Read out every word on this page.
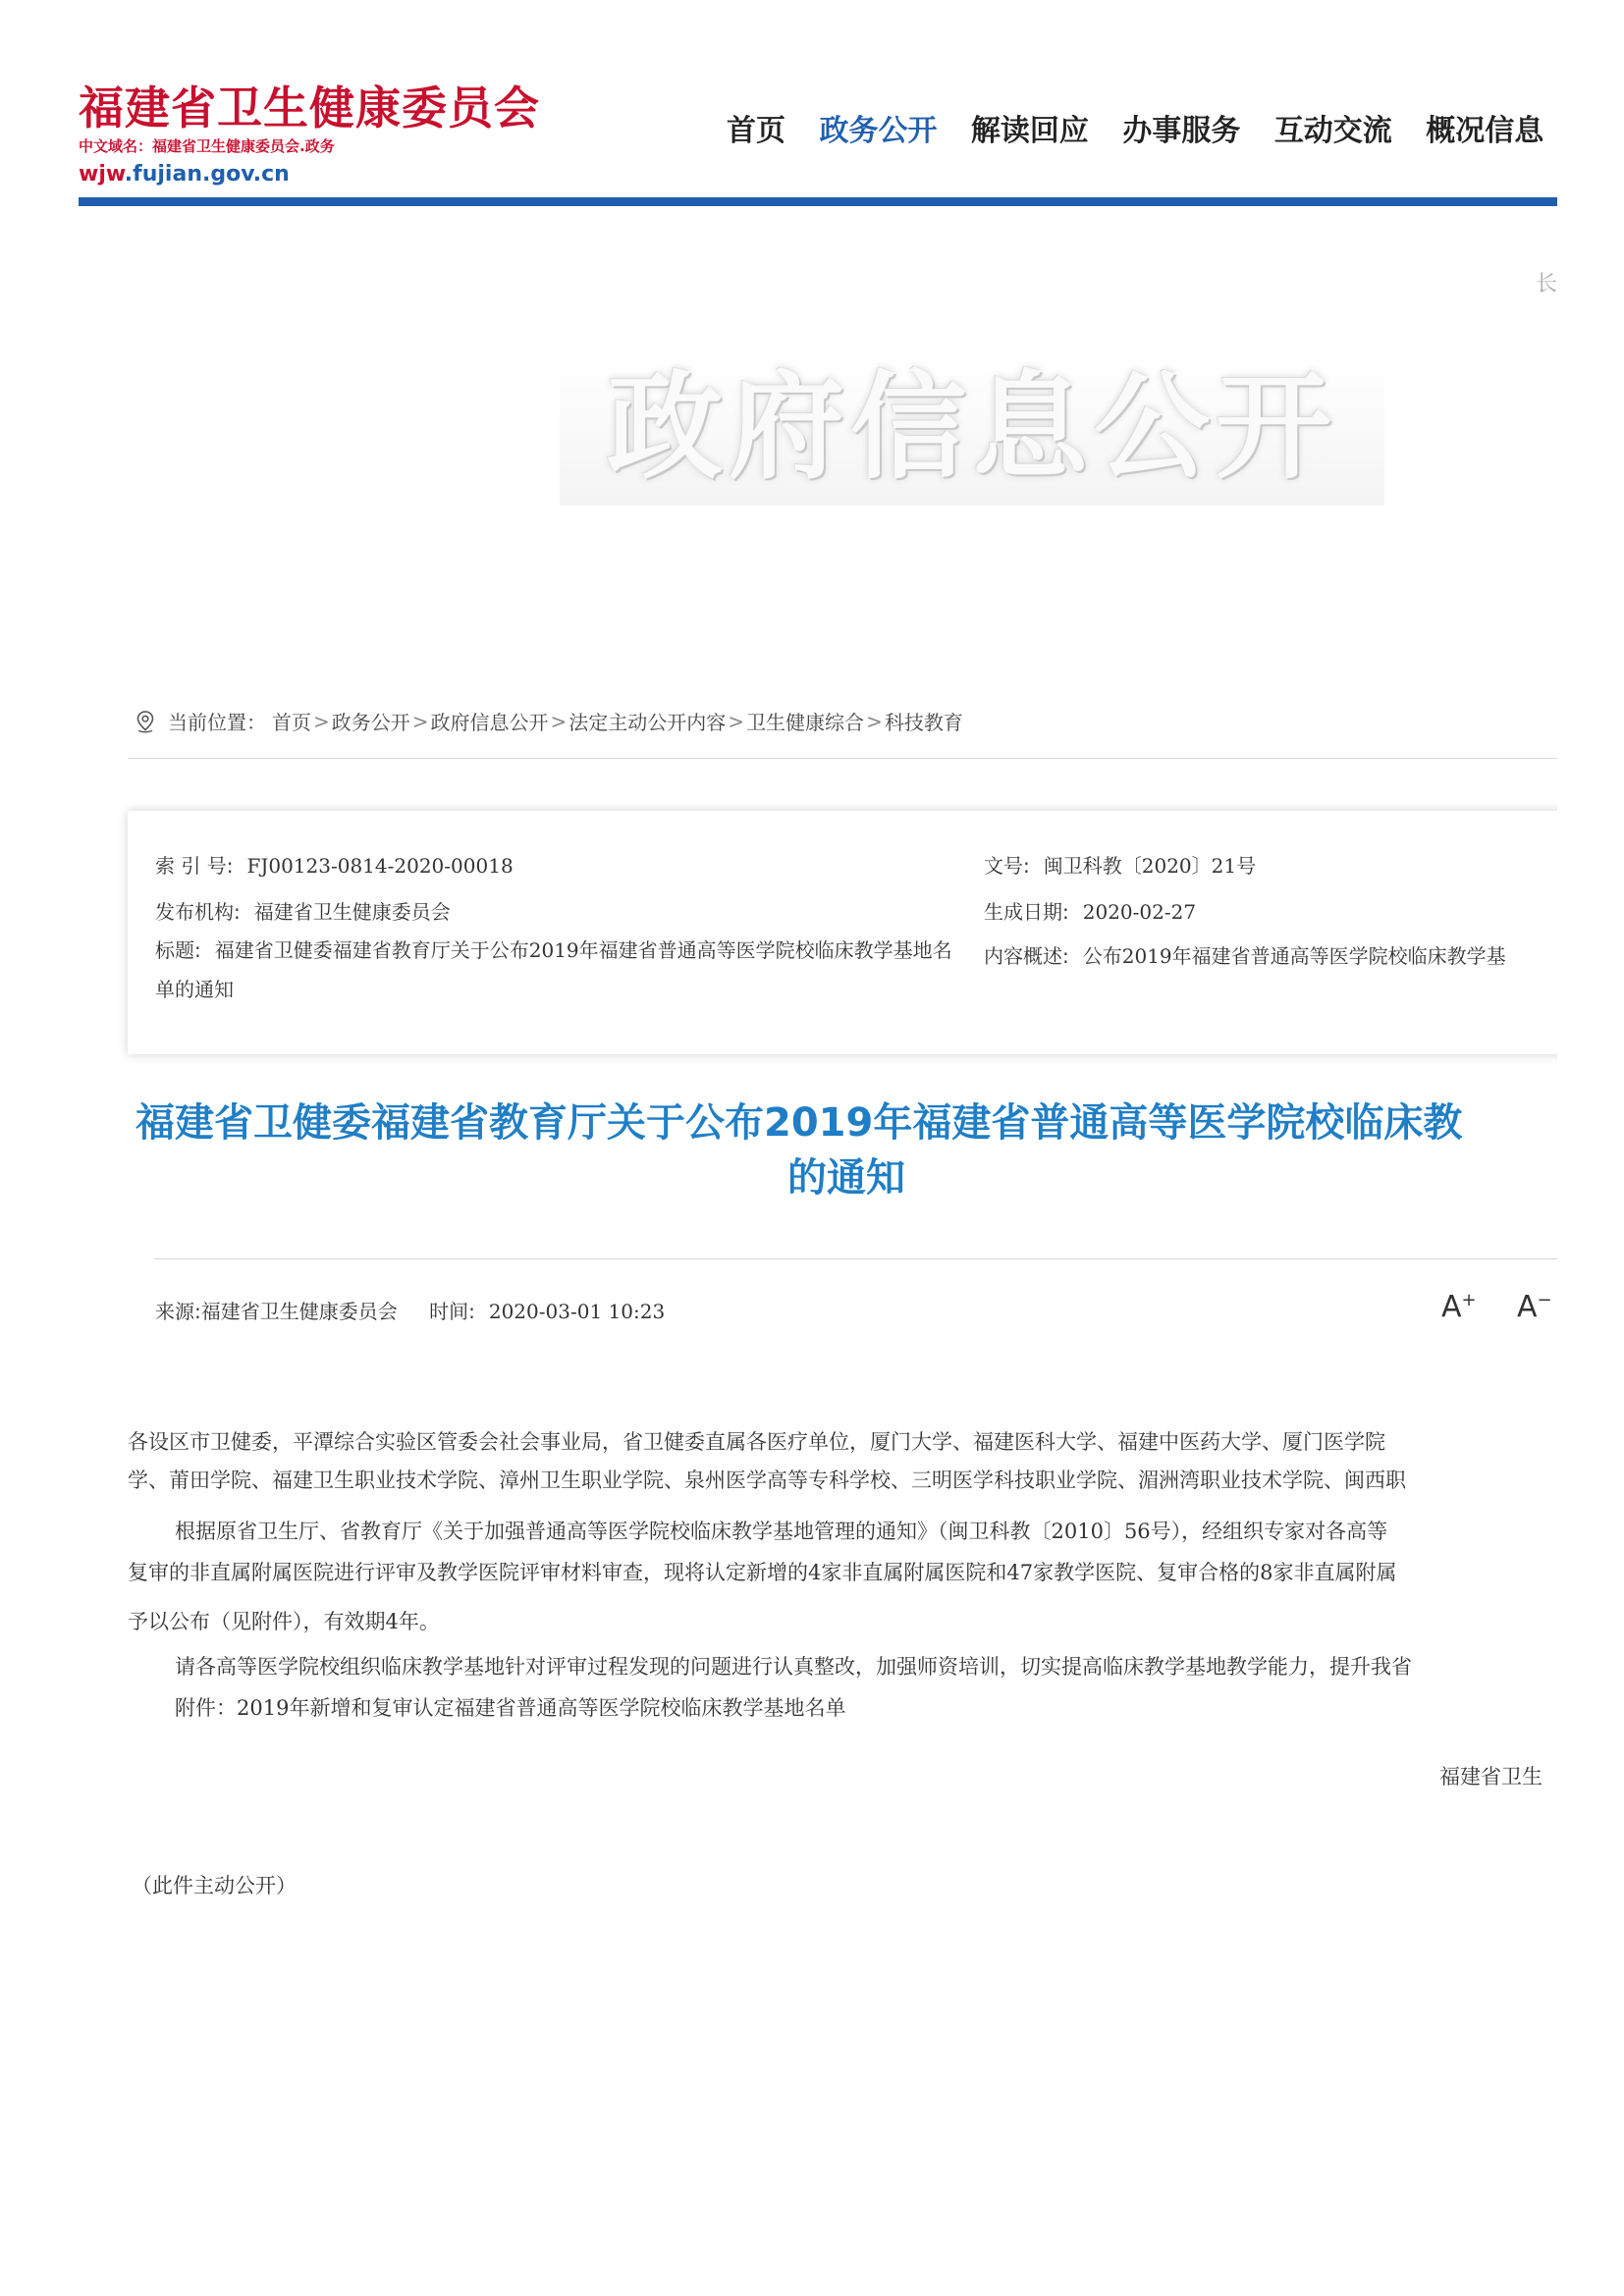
福建省卫生健康委员会
中文域名：福建省卫生健康委员会.政务
wjw.fujian.gov.cn
首页 政务公开 解读回应 办事服务 互动交流 概况信息
长
政府信息公开
当前位置： 首页 > 政务公开 > 政府信息公开 > 法定主动公开内容 > 卫生健康综合 > 科技教育
索 引 号: FJ00123-0814-2020-00018	文号: 闽卫科教〔2020〕21号
发布机构: 福建省卫生健康委员会	生成日期: 2020-02-27
标题: 福建省卫健委福建省教育厅关于公布2019年福建省普通高等医学院校临床教学基地名单的通知
内容概述: 公布2019年福建省普通高等医学院校临床教学基
福建省卫健委福建省教育厅关于公布2019年福建省普通高等医学院校临床教
的通知
来源:福建省卫生健康委员会 时间: 2020-03-01 10:23	A+ A−
各设区市卫健委，平潭综合实验区管委会社会事业局，省卫健委直属各医疗单位，厦门大学、福建医科大学、福建中医药大学、厦门医学院
学、莆田学院、福建卫生职业技术学院、漳州卫生职业学院、泉州医学高等专科学校、三明医学科技职业学院、湄洲湾职业技术学院、闽西职
根据原省卫生厅、省教育厅《关于加强普通高等医学院校临床教学基地管理的通知》（闽卫科教〔2010〕56号），经组织专家对各高等
复审的非直属附属医院进行评审及教学医院评审材料审查，现将认定新增的4家非直属附属医院和47家教学医院、复审合格的8家非直属附属
予以公布（见附件），有效期4年。
请各高等医学院校组织临床教学基地针对评审过程发现的问题进行认真整改，加强师资培训，切实提高临床教学基地教学能力，提升我省
附件：2019年新增和复审认定福建省普通高等医学院校临床教学基地名单
福建省卫生
（此件主动公开）
